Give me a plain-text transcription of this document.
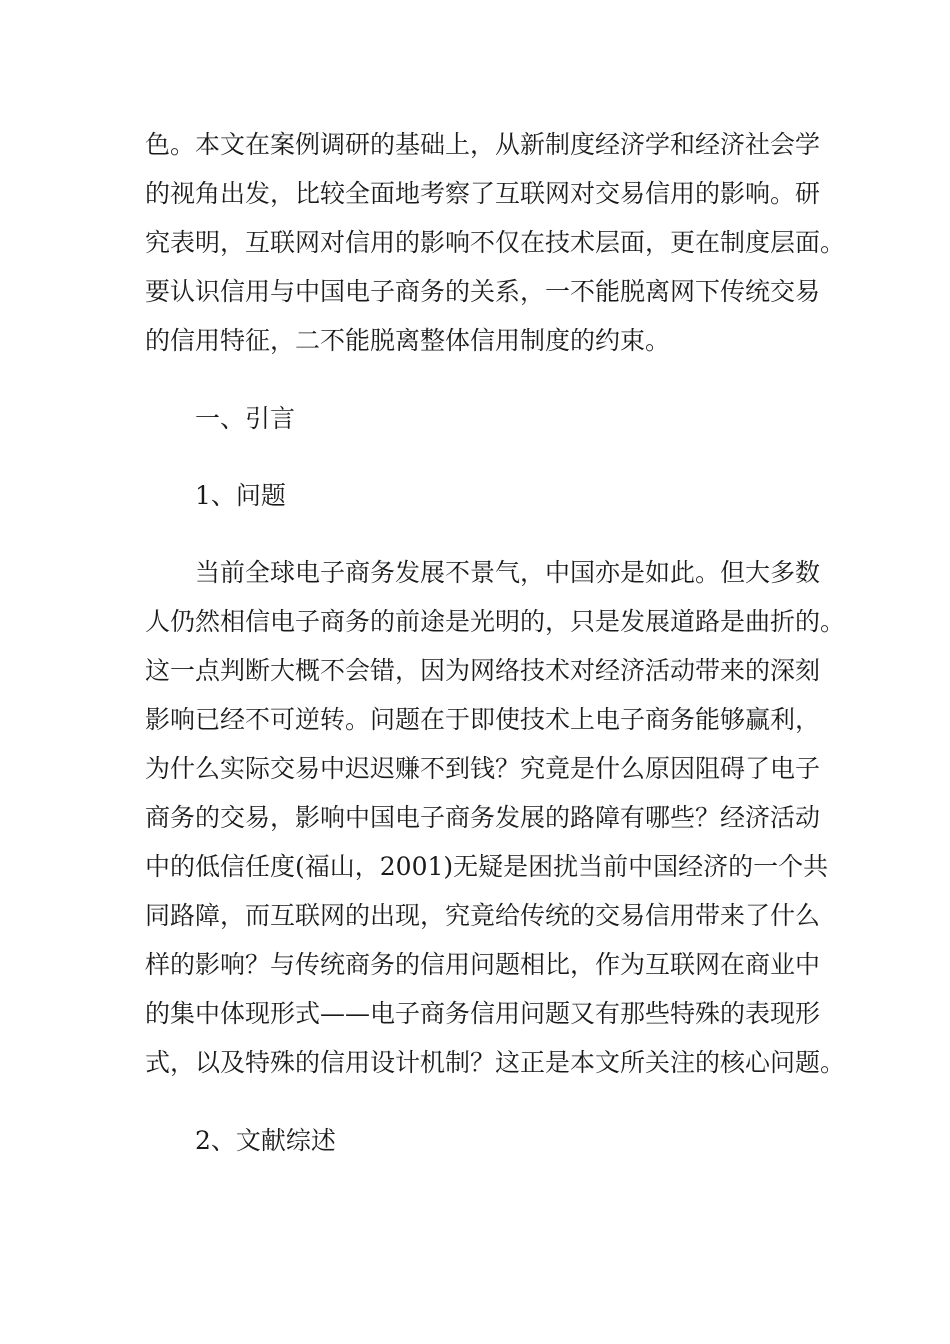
色。本文在案例调研的基础上，从新制度经济学和经济社会学
的视角出发，比较全面地考察了互联网对交易信用的影响。研
究表明，互联网对信用的影响不仅在技术层面，更在制度层面。
要认识信用与中国电子商务的关系，一不能脱离网下传统交易
的信用特征，二不能脱离整体信用制度的约束。
一、引言
1、问题
当前全球电子商务发展不景气，中国亦是如此。但大多数
人仍然相信电子商务的前途是光明的，只是发展道路是曲折的。
这一点判断大概不会错，因为网络技术对经济活动带来的深刻
影响已经不可逆转。问题在于即使技术上电子商务能够赢利，
为什么实际交易中迟迟赚不到钱？究竟是什么原因阻碍了电子
商务的交易，影响中国电子商务发展的路障有哪些？经济活动
中的低信任度(福山，2001)无疑是困扰当前中国经济的一个共
同路障，而互联网的出现，究竟给传统的交易信用带来了什么
样的影响？与传统商务的信用问题相比，作为互联网在商业中
的集中体现形式——电子商务信用问题又有那些特殊的表现形
式，以及特殊的信用设计机制？这正是本文所关注的核心问题。
2、文献综述
